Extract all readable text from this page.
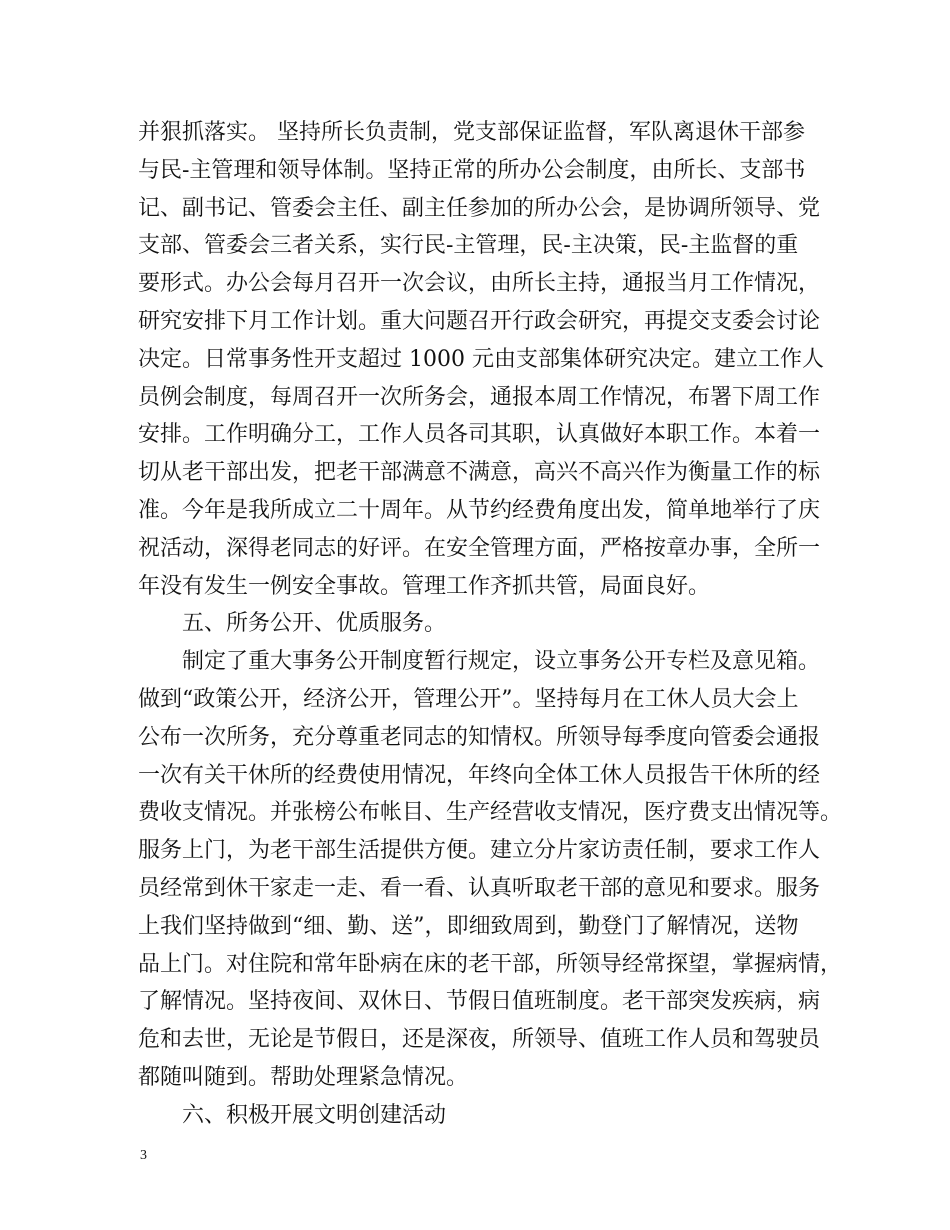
并狠抓落实。 坚持所长负责制，党支部保证监督，军队离退休干部参
与民-主管理和领导体制。坚持正常的所办公会制度，由所长、支部书
记、副书记、管委会主任、副主任参加的所办公会，是协调所领导、党
支部、管委会三者关系，实行民-主管理，民-主决策，民-主监督的重
要形式。办公会每月召开一次会议，由所长主持，通报当月工作情况，
研究安排下月工作计划。重大问题召开行政会研究，再提交支委会讨论
决定。日常事务性开支超过 1000 元由支部集体研究决定。建立工作人
员例会制度，每周召开一次所务会，通报本周工作情况，布署下周工作
安排。工作明确分工，工作人员各司其职，认真做好本职工作。本着一
切从老干部出发，把老干部满意不满意，高兴不高兴作为衡量工作的标
准。今年是我所成立二十周年。从节约经费角度出发，简单地举行了庆
祝活动，深得老同志的好评。在安全管理方面，严格按章办事，全所一
年没有发生一例安全事故。管理工作齐抓共管，局面良好。
五、所务公开、优质服务。
制定了重大事务公开制度暂行规定，设立事务公开专栏及意见箱。
做到“政策公开，经济公开，管理公开”。坚持每月在工休人员大会上
公布一次所务，充分尊重老同志的知情权。所领导每季度向管委会通报
一次有关干休所的经费使用情况，年终向全体工休人员报告干休所的经
费收支情况。并张榜公布帐目、生产经营收支情况，医疗费支出情况等。
服务上门，为老干部生活提供方便。建立分片家访责任制，要求工作人
员经常到休干家走一走、看一看、认真听取老干部的意见和要求。服务
上我们坚持做到“细、勤、送”，即细致周到，勤登门了解情况，送物
品上门。对住院和常年卧病在床的老干部，所领导经常探望，掌握病情，
了解情况。坚持夜间、双休日、节假日值班制度。老干部突发疾病，病
危和去世，无论是节假日，还是深夜，所领导、值班工作人员和驾驶员
都随叫随到。帮助处理紧急情况。
六、积极开展文明创建活动
3
